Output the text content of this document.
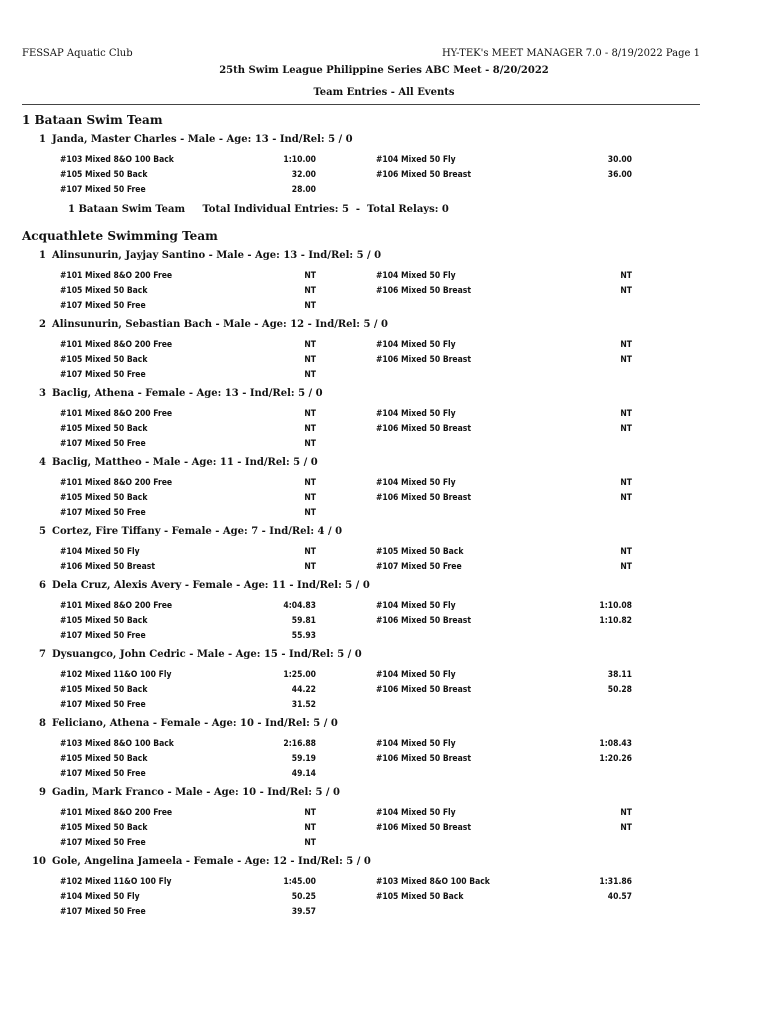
FESSAP Aquatic Club	HY-TEK's MEET MANAGER 7.0 - 8/19/2022 Page 1
25th Swim League Philippine Series ABC Meet - 8/20/2022
Team Entries - All Events
1 Bataan Swim Team
1 Janda, Master Charles - Male - Age: 13 - Ind/Rel: 5 / 0
#103 Mixed 8&O 100 Back	1:10.00	#104 Mixed 50 Fly	30.00
#105 Mixed 50 Back	32.00	#106 Mixed 50 Breast	36.00
#107 Mixed 50 Free	28.00
1 Bataan Swim Team     Total Individual Entries: 5  -  Total Relays: 0
Acquathlete Swimming Team
1 Alinsunurin, Jayjay Santino - Male - Age: 13 - Ind/Rel: 5 / 0
#101 Mixed 8&O 200 Free	NT	#104 Mixed 50 Fly	NT
#105 Mixed 50 Back	NT	#106 Mixed 50 Breast	NT
#107 Mixed 50 Free	NT
2 Alinsunurin, Sebastian Bach - Male - Age: 12 - Ind/Rel: 5 / 0
#101 Mixed 8&O 200 Free	NT	#104 Mixed 50 Fly	NT
#105 Mixed 50 Back	NT	#106 Mixed 50 Breast	NT
#107 Mixed 50 Free	NT
3 Baclig, Athena - Female - Age: 13 - Ind/Rel: 5 / 0
#101 Mixed 8&O 200 Free	NT	#104 Mixed 50 Fly	NT
#105 Mixed 50 Back	NT	#106 Mixed 50 Breast	NT
#107 Mixed 50 Free	NT
4 Baclig, Mattheo - Male - Age: 11 - Ind/Rel: 5 / 0
#101 Mixed 8&O 200 Free	NT	#104 Mixed 50 Fly	NT
#105 Mixed 50 Back	NT	#106 Mixed 50 Breast	NT
#107 Mixed 50 Free	NT
5 Cortez, Fire Tiffany - Female - Age: 7 - Ind/Rel: 4 / 0
#104 Mixed 50 Fly	NT	#105 Mixed 50 Back	NT
#106 Mixed 50 Breast	NT	#107 Mixed 50 Free	NT
6 Dela Cruz, Alexis Avery - Female - Age: 11 - Ind/Rel: 5 / 0
#101 Mixed 8&O 200 Free	4:04.83	#104 Mixed 50 Fly	1:10.08
#105 Mixed 50 Back	59.81	#106 Mixed 50 Breast	1:10.82
#107 Mixed 50 Free	55.93
7 Dysuangco, John Cedric - Male - Age: 15 - Ind/Rel: 5 / 0
#102 Mixed 11&O 100 Fly	1:25.00	#104 Mixed 50 Fly	38.11
#105 Mixed 50 Back	44.22	#106 Mixed 50 Breast	50.28
#107 Mixed 50 Free	31.52
8 Feliciano, Athena - Female - Age: 10 - Ind/Rel: 5 / 0
#103 Mixed 8&O 100 Back	2:16.88	#104 Mixed 50 Fly	1:08.43
#105 Mixed 50 Back	59.19	#106 Mixed 50 Breast	1:20.26
#107 Mixed 50 Free	49.14
9 Gadin, Mark Franco - Male - Age: 10 - Ind/Rel: 5 / 0
#101 Mixed 8&O 200 Free	NT	#104 Mixed 50 Fly	NT
#105 Mixed 50 Back	NT	#106 Mixed 50 Breast	NT
#107 Mixed 50 Free	NT
10 Gole, Angelina Jameela - Female - Age: 12 - Ind/Rel: 5 / 0
#102 Mixed 11&O 100 Fly	1:45.00	#103 Mixed 8&O 100 Back	1:31.86
#104 Mixed 50 Fly	50.25	#105 Mixed 50 Back	40.57
#107 Mixed 50 Free	39.57
